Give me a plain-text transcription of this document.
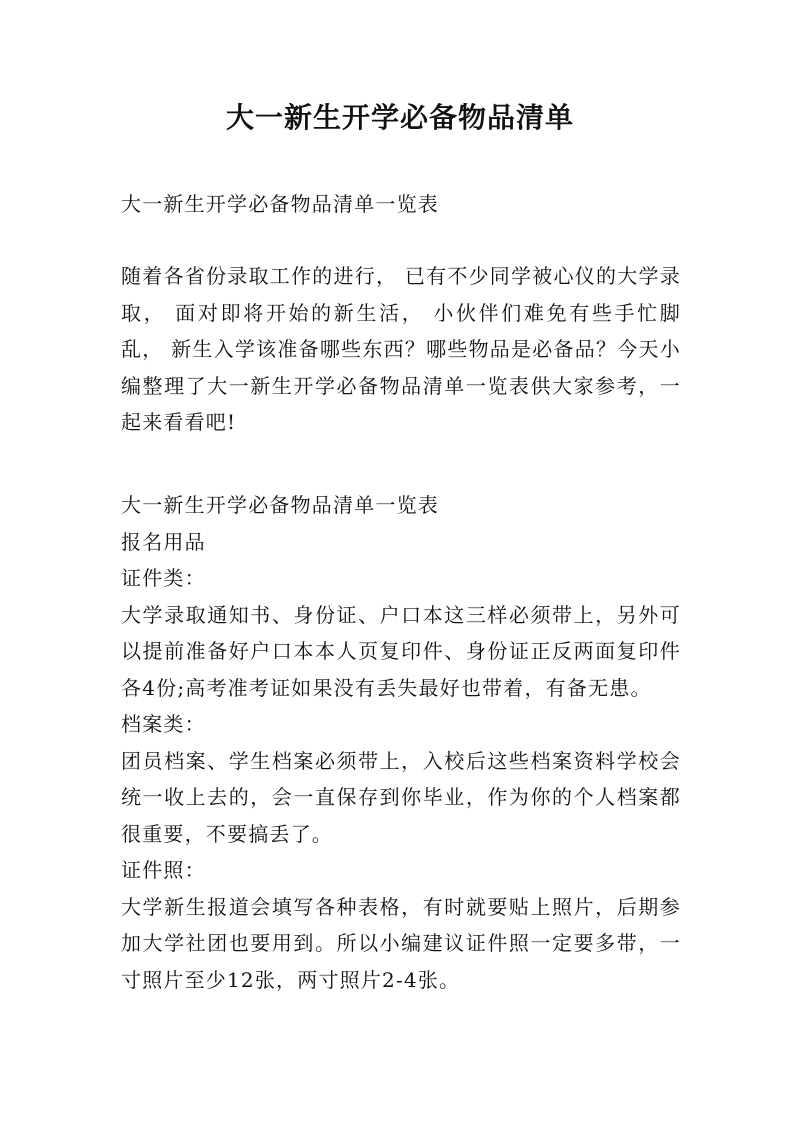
大一新生开学必备物品清单

大一新生开学必备物品清单一览表

随着各省份录取工作的进行， 已有不少同学被心仪的大学录取， 面对即将开始的新生活， 小伙伴们难免有些手忙脚乱， 新生入学该准备哪些东西？哪些物品是必备品？今天小编整理了大一新生开学必备物品清单一览表供大家参考，一起来看看吧!

大一新生开学必备物品清单一览表

报名用品

证件类：

大学录取通知书、身份证、户口本这三样必须带上，另外可以提前准备好户口本本人页复印件、身份证正反两面复印件各4份;高考准考证如果没有丢失最好也带着，有备无患。

档案类：

团员档案、学生档案必须带上，入校后这些档案资料学校会统一收上去的，会一直保存到你毕业，作为你的个人档案都很重要，不要搞丢了。

证件照：

大学新生报道会填写各种表格，有时就要贴上照片，后期参加大学社团也要用到。所以小编建议证件照一定要多带，一寸照片至少12张，两寸照片2-4张。
